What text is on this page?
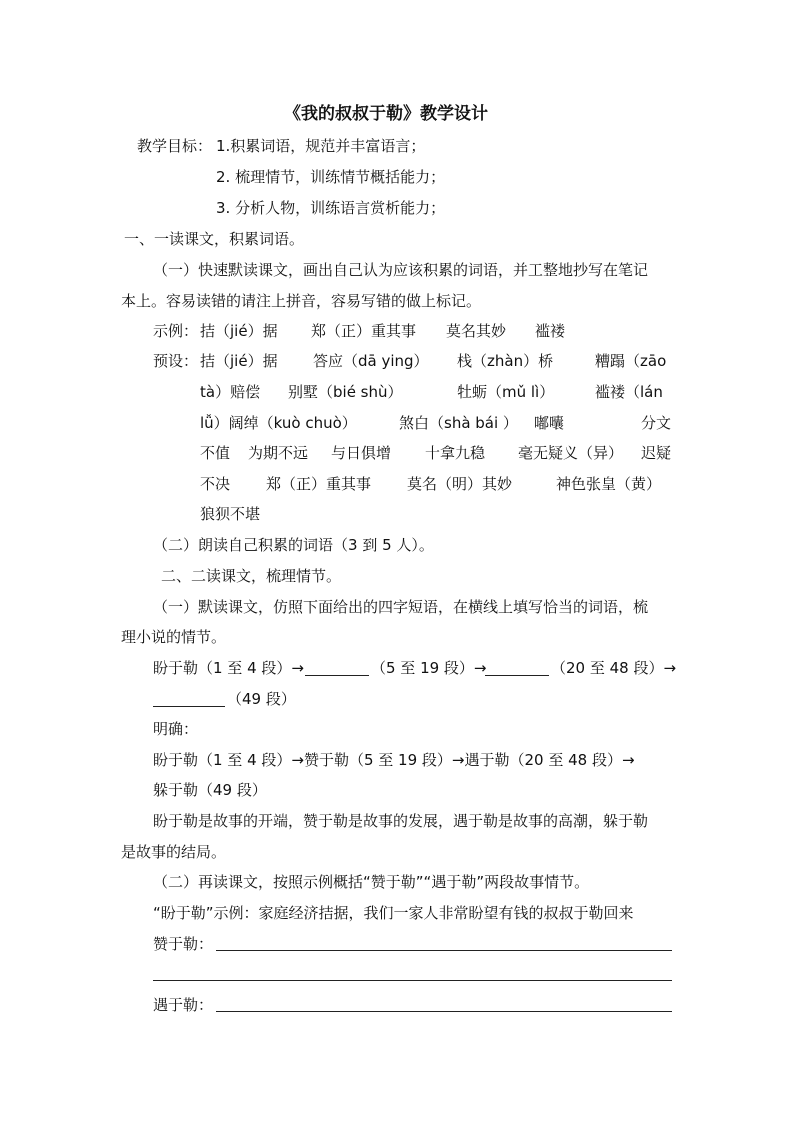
《我的叔叔于勒》教学设计
教学目标： 1.积累词语，规范并丰富语言；
2. 梳理情节，训练情节概括能力；
3. 分析人物，训练语言赏析能力；
一、一读课文，积累词语。
（一）快速默读课文，画出自己认为应该积累的词语，并工整地抄写在笔记
本上。容易读错的请注上拼音，容易写错的做上标记。
示例： 拮（jié）据 郑（正）重其事 莫名其妙 褴褛
预设： 拮（jié）据 答应（dā ying） 栈（zhàn）桥	糟蹋（zāo
tà）赔偿 别墅（bié shù）	牡蛎（mǔ lì）	褴褛（lán
lǚ）阔绰（kuò chuò）	煞白（shà bái ） 嘟囔	分文
不值 为期不远 与日俱增 十拿九稳 毫无疑义（异） 迟疑
不决 郑（正）重其事 莫名（明）其妙	神色张皇（黄）
狼狈不堪
（二）朗读自己积累的词语（3 到 5 人）。
二、二读课文，梳理情节。
（一）默读课文，仿照下面给出的四字短语，在横线上填写恰当的词语，梳
理小说的情节。
盼于勒（1 至 4 段）→	（5 至 19 段）→	（20 至 48 段）→
（49 段）
明确：
盼于勒（1 至 4 段）→赞于勒（5 至 19 段）→遇于勒（20 至 48 段）→
躲于勒（49 段）
盼于勒是故事的开端，赞于勒是故事的发展，遇于勒是故事的高潮，躲于勒
是故事的结局。
（二）再读课文，按照示例概括“赞于勒”“遇于勒”两段故事情节。
“盼于勒”示例：家庭经济拮据，我们一家人非常盼望有钱的叔叔于勒回来
赞于勒：
遇于勒：
